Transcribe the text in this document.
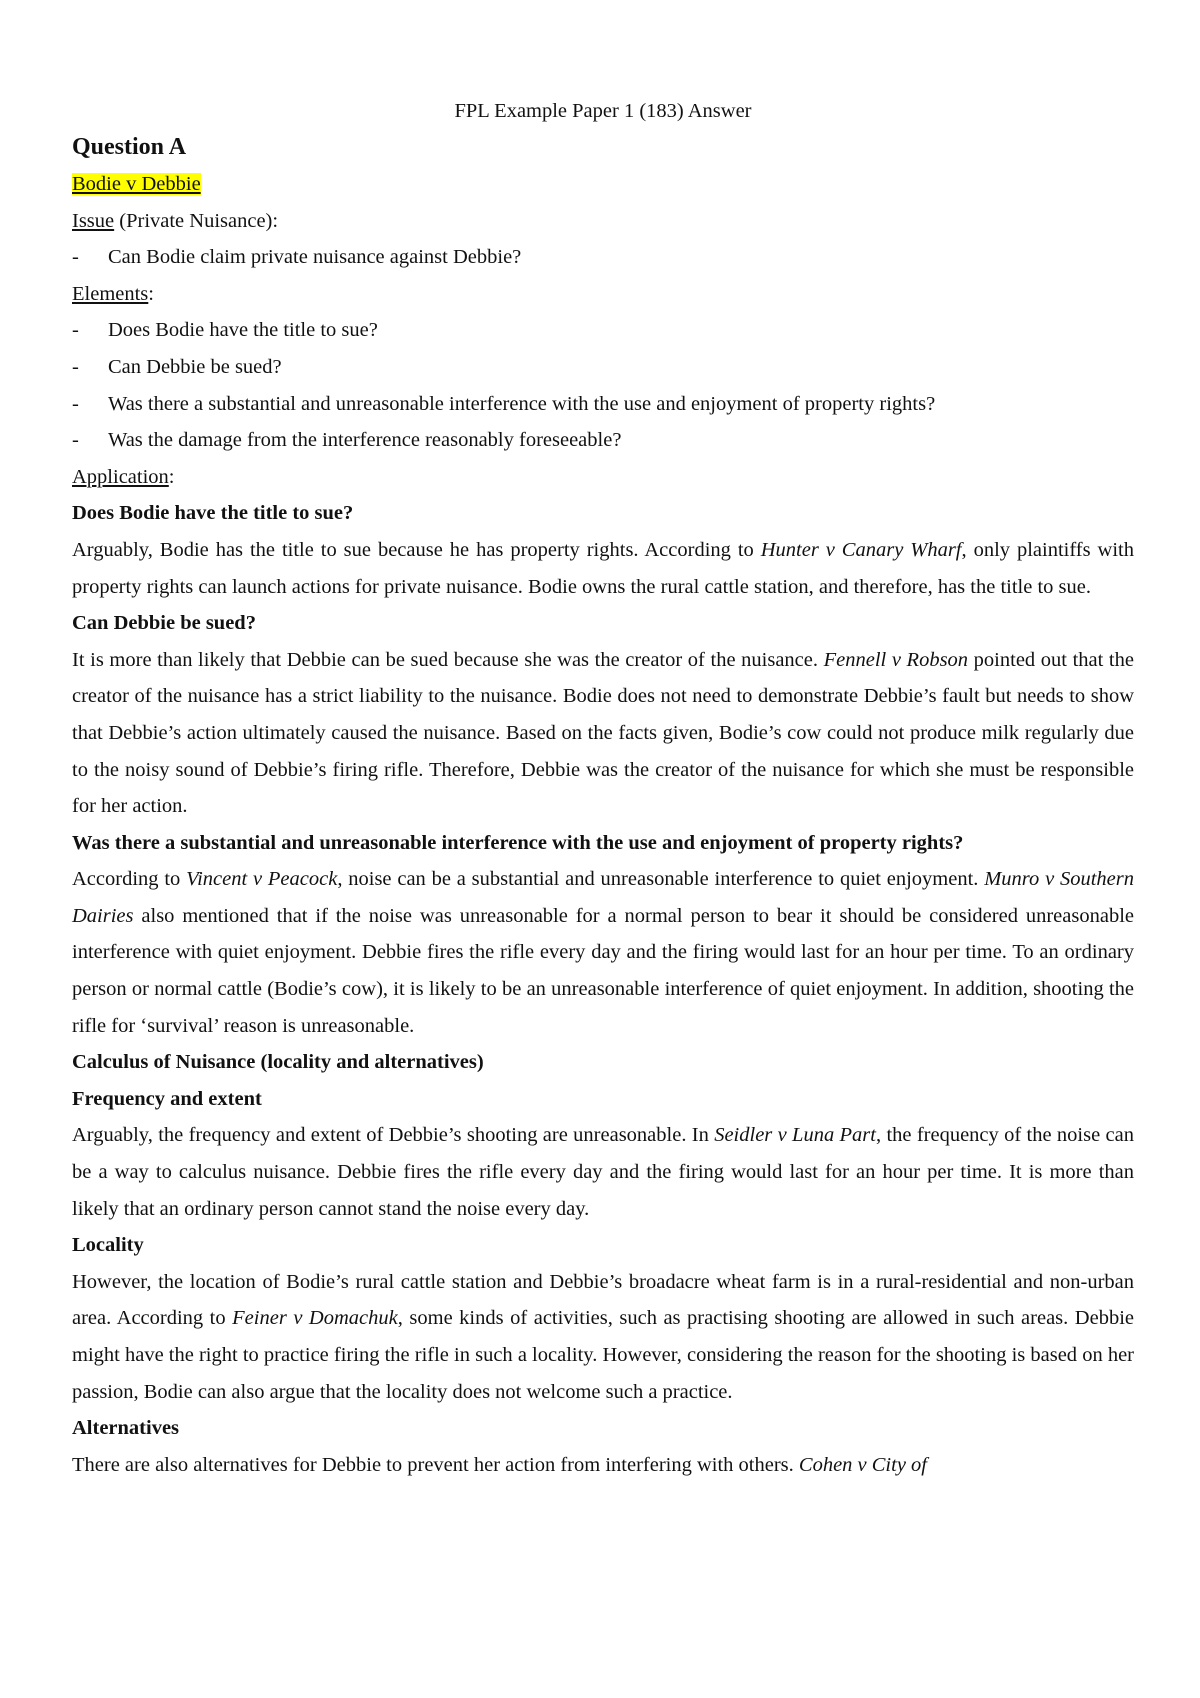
FPL Example Paper 1 (183) Answer

Question A

Bodie v Debbie

Issue (Private Nuisance):

-	Can Bodie claim private nuisance against Debbie?

Elements:

-	Does Bodie have the title to sue?
-	Can Debbie be sued?
-	Was there a substantial and unreasonable interference with the use and enjoyment of property rights?
-	Was the damage from the interference reasonably foreseeable?

Application:

Does Bodie have the title to sue?

Arguably, Bodie has the title to sue because he has property rights. According to Hunter v Canary Wharf, only plaintiffs with property rights can launch actions for private nuisance. Bodie owns the rural cattle station, and therefore, has the title to sue.

Can Debbie be sued?

It is more than likely that Debbie can be sued because she was the creator of the nuisance. Fennell v Robson pointed out that the creator of the nuisance has a strict liability to the nuisance. Bodie does not need to demonstrate Debbie’s fault but needs to show that Debbie’s action ultimately caused the nuisance. Based on the facts given, Bodie’s cow could not produce milk regularly due to the noisy sound of Debbie’s firing rifle. Therefore, Debbie was the creator of the nuisance for which she must be responsible for her action.

Was there a substantial and unreasonable interference with the use and enjoyment of property rights?

According to Vincent v Peacock, noise can be a substantial and unreasonable interference to quiet enjoyment. Munro v Southern Dairies also mentioned that if the noise was unreasonable for a normal person to bear it should be considered unreasonable interference with quiet enjoyment. Debbie fires the rifle every day and the firing would last for an hour per time. To an ordinary person or normal cattle (Bodie’s cow), it is likely to be an unreasonable interference of quiet enjoyment. In addition, shooting the rifle for ‘survival’ reason is unreasonable.

Calculus of Nuisance (locality and alternatives)

Frequency and extent

Arguably, the frequency and extent of Debbie’s shooting are unreasonable. In Seidler v Luna Part, the frequency of the noise can be a way to calculus nuisance. Debbie fires the rifle every day and the firing would last for an hour per time. It is more than likely that an ordinary person cannot stand the noise every day.

Locality

However, the location of Bodie’s rural cattle station and Debbie’s broadacre wheat farm is in a rural-residential and non-urban area. According to Feiner v Domachuk, some kinds of activities, such as practising shooting are allowed in such areas. Debbie might have the right to practice firing the rifle in such a locality. However, considering the reason for the shooting is based on her passion, Bodie can also argue that the locality does not welcome such a practice.

Alternatives

There are also alternatives for Debbie to prevent her action from interfering with others. Cohen v City of
